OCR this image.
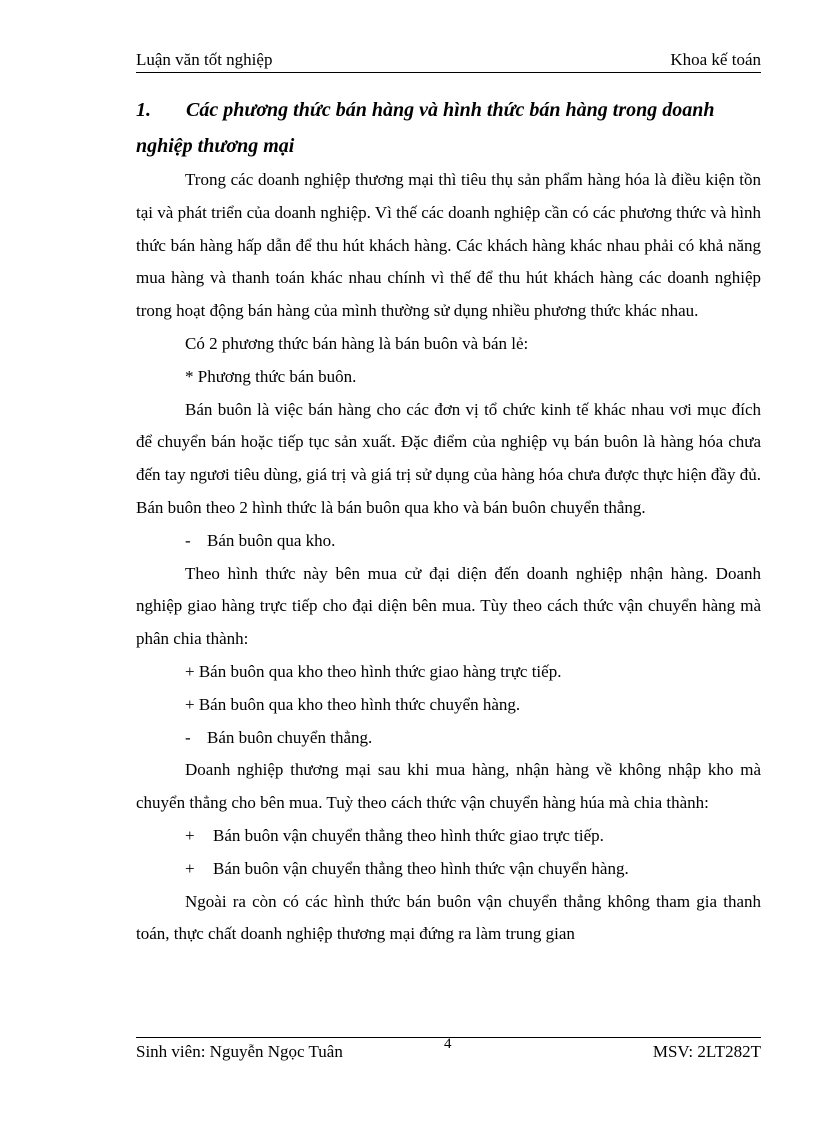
Luận văn tốt nghiệp	Khoa kế toán
1. Các phương thức bán hàng và hình thức bán hàng trong doanh nghiệp thương mại

Trong các doanh nghiệp thương mại thì tiêu thụ sản phẩm hàng hóa là điều kiện tồn tại và phát triển của doanh nghiệp. Vì thế các doanh nghiệp cần có các phương thức và hình thức bán hàng hấp dẫn để thu hút khách hàng. Các khách hàng khác nhau phải có khả năng mua hàng và thanh toán khác nhau chính vì thế để thu hút khách hàng các doanh nghiệp trong hoạt động bán hàng của mình thường sử dụng nhiều phương thức khác nhau.

Có 2 phương thức bán hàng là bán buôn và bán lẻ:

* Phương thức bán buôn.

Bán buôn là việc bán hàng cho các đơn vị tổ chức kinh tế khác nhau vơi mục đích để chuyển bán hoặc tiếp tục sản xuất. Đặc điểm của nghiệp vụ bán buôn là hàng hóa chưa đến tay ngươi tiêu dùng, giá trị và giá trị sử dụng của hàng hóa chưa được thực hiện đầy đủ. Bán buôn theo 2 hình thức là bán buôn qua kho và bán buôn chuyển thẳng.

- Bán buôn qua kho.

Theo hình thức này bên mua cử đại diện đến doanh nghiệp nhận hàng. Doanh nghiệp giao hàng trực tiếp cho đại diện bên mua. Tùy theo cách thức vận chuyển hàng mà phân chia thành:

+ Bán buôn qua kho theo hình thức giao hàng trực tiếp.

+ Bán buôn qua kho theo hình thức chuyển hàng.

- Bán buôn chuyển thẳng.

Doanh nghiệp thương mại sau khi mua hàng, nhận hàng về không nhập kho mà chuyển thẳng cho bên mua. Tuỳ theo cách thức vận chuyển hàng húa mà chia thành:

+ Bán buôn vận chuyển thẳng theo hình thức giao trực tiếp.

+ Bán buôn vận chuyển thẳng theo hình thức vận chuyển hàng.

Ngoài ra còn có các hình thức bán buôn vận chuyển thẳng không tham gia thanh toán, thực chất doanh nghiệp thương mại đứng ra làm trung gian

Sinh viên: Nguyễn Ngọc Tuân	4	MSV: 2LT282T
